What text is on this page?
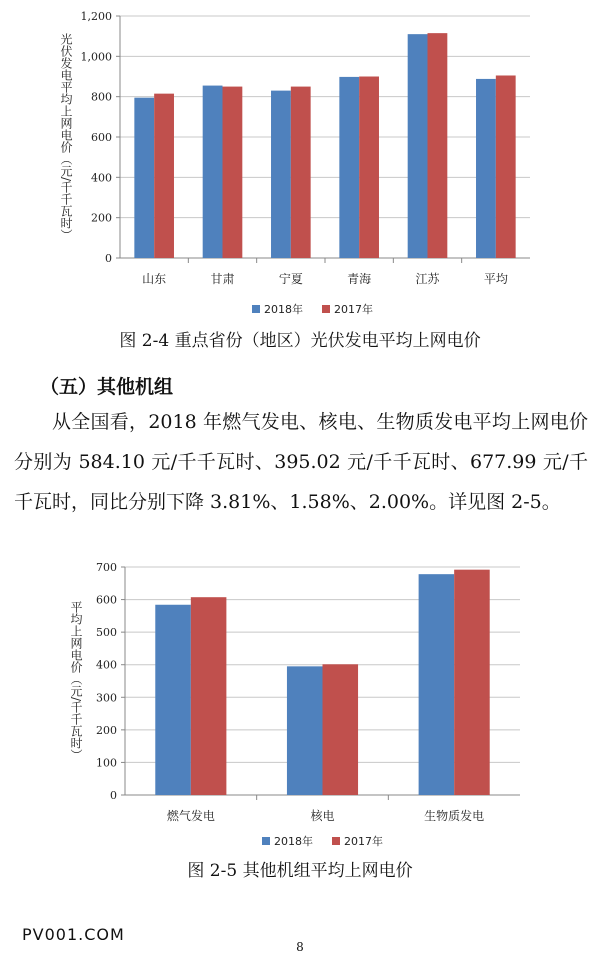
0
200
400
600
800
1,000
1,200
山东	甘肃	宁夏	青海	江苏	平均
光伏发电平均上网电价（元/千千瓦时）
2018年	2017年
图 2-4 重点省份（地区）光伏发电平均上网电价
（五）其他机组

从全国看，2018 年燃气发电、核电、生物质发电平均上网电价分别为 584.10 元/千千瓦时、395.02 元/千千瓦时、677.99 元/千千瓦时，同比分别下降 3.81%、1.58%、2.00%。详见图 2-5。

0
100
200
300
400
500
600
700
燃气发电	核电	生物质发电
平均上网电价（元/千千瓦时）
2018年	2017年
图 2-5 其他机组平均上网电价
PV001.COM
8
